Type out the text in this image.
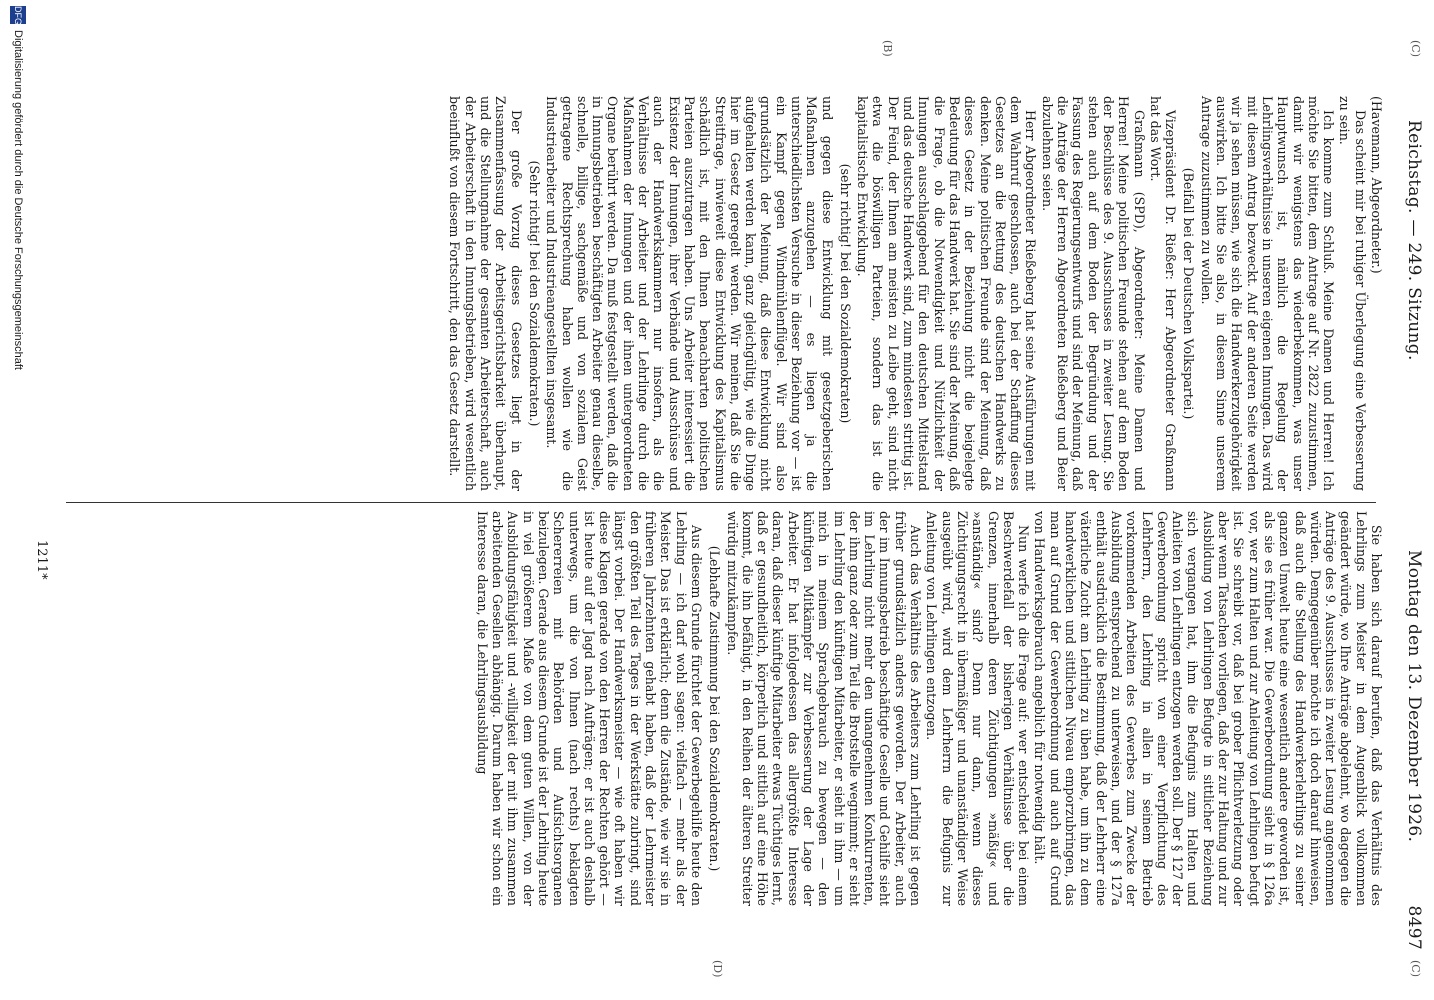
Reichstag. — 249. Sitzung.
Montag den 13. Dezember 1926.
8497
(C)
(B)
(C)
(D)

(Havemann, Abgeordneter.)

Das scheint mir bei ruhiger Überlegung eine Verbesserung zu sein.

Ich komme zum Schluß. Meine Damen und Herren! Ich möchte Sie bitten, dem Antrage auf Nr. 2822 zuzustimmen, damit wir wenigstens das wiederbekommen, was unser Hauptwunsch ist, nämlich die Regelung der Lehrlingsverhältnisse in unseren eigenen Innungen. Das wird mit diesem Antrag bezweckt. Auf der anderen Seite werden wir ja sehen müssen, wie sich die Handwerkerzugehörigkeit auswirken. Ich bitte Sie also, in diesem Sinne unserem Antrage zuzustimmen zu wollen.

(Beifall bei der Deutschen Volkspartei.)

Vizepräsident Dr. Rießer: Herr Abgeordneter Graßmann hat das Wort.

Graßmann (SPD), Abgeordneter: Meine Damen und Herren! Meine politischen Freunde stehen auf dem Boden der Beschlüsse des 9. Ausschusses in zweiter Lesung. Sie stehen auch auf dem Boden der Begründung und der Fassung des Regierungsentwurfs und sind der Meinung, daß die Anträge der Herren Abgeordneten Rießeberg und Beier abzulehnen seien.

Herr Abgeordneter Rießeberg hat seine Ausführungen mit dem Wahnruf geschlossen, auch bei der Schaffung dieses Gesetzes an die Rettung des deutschen Handwerks zu denken. Meine politischen Freunde sind der Meinung, daß dieses Gesetz in der Beziehung nicht die beigelegte Bedeutung für das Handwerk hat. Sie sind der Meinung, daß die Frage, ob die Notwendigkeit und Nützlichkeit der Innungen ausschlaggebend für den deutschen Mittelstand und das deutsche Handwerk sind, zum mindesten strittig ist. Der Feind, der Ihnen am meisten zu Leibe geht, sind nicht etwa die böswilligen Parteien, sondern das ist die kapitalistische Entwicklung.

(sehr richtig! bei den Sozialdemokraten)

und gegen diese Entwicklung mit gesetzgeberischen Maßnahmen anzugehen — es liegen ja die unterschiedlichsten Versuche in dieser Beziehung vor — ist ein Kampf gegen Windmühlenflügel. Wir sind also grundsätzlich der Meinung, daß diese Entwicklung nicht aufgehalten werden kann, ganz gleichgültig, wie die Dinge hier im Gesetz geregelt werden. Wir meinen, daß Sie die Streitfrage, inwieweit diese Entwicklung des Kapitalismus schädlich ist, mit den Ihnen benachbarten politischen Parteien auszutragen haben. Uns Arbeiter interessiert die Existenz der Innungen, ihrer Verbände und Ausschüsse und auch der Handwerkskammern nur insofern, als die Verhältnisse der Arbeiter und der Lehrlinge durch die Maßnahmen der Innungen und der ihnen untergeordneten Organe berührt werden. Da muß festgestellt werden, daß die in Innungsbetrieben beschäftigten Arbeiter genau dieselbe, schnelle, billige, sachgemäße und von sozialem Geist getragene Rechtsprechung haben wollen wie die Industriearbeiter und Industrieangestellten insgesamt.

(Sehr richtig! bei den Sozialdemokraten.)

Der große Vorzug dieses Gesetzes liegt in der Zusammenfassung der Arbeitsgerichtsbarkeit überhaupt, und die Stellungnahme der gesamten Arbeiterschaft, auch der Arbeiterschaft in den Innungsbetrieben, wird wesentlich beeinflußt von diesem Fortschritt, den das Gesetz darstellt.

Sie haben sich darauf berufen, daß das Verhältnis des Lehrlings zum Meister in dem Augenblick vollkommen geändert würde, wo Ihre Anträge abgelehnt, wo dagegen die Anträge des 9. Ausschusses in zweiter Lesung angenommen würden. Demgegenüber möchte ich doch darauf hinweisen, daß auch die Stellung des Handwerkerlehrlings zu seiner ganzen Umwelt heute eine wesentlich andere geworden ist, als sie es früher war. Die Gewerbeordnung sieht in § 126a vor, wer zum Halten und zur Anleitung von Lehrlingen befugt ist. Sie schreibt vor, daß bei grober Pflichtverletzung oder aber wenn Tatsachen vorliegen, daß der zur Haltung und zur Ausbildung von Lehrlingen Befugte in sittlicher Beziehung sich vergangen hat, ihm die Befugnis zum Halten und Anleiten von Lehrlingen entzogen werden soll. Der § 127 der Gewerbeordnung spricht von einer Verpflichtung des Lehrherrn, den Lehrling in allen in seinem Betrieb vorkommenden Arbeiten des Gewerbes zum Zwecke der Ausbildung entsprechend zu unterweisen, und der § 127a enthält ausdrücklich die Bestimmung, daß der Lehrherr eine väterliche Zucht am Lehrling zu üben habe, um ihn zu dem handwerklichen und sittlichen Niveau emporzubringen, das man auf Grund der Gewerbeordnung und auch auf Grund von Handwerksgebrauch angeblich für notwendig hält.

Nun werfe ich die Frage auf: wer entscheidet bei einem Beschwerdefall der bisherigen Verhältnisse über die Grenzen, innerhalb deren Züchtigungen »mäßig« und »anständig« sind? Denn nur dann, wenn dieses Züchtigungsrecht in übermäßiger und unanständiger Weise ausgeübt wird, wird dem Lehrherrn die Befugnis zur Anleitung von Lehrlingen entzogen.

Auch das Verhältnis des Arbeiters zum Lehrling ist gegen früher grundsätzlich anders geworden. Der Arbeiter, auch der im Innungsbetrieb beschäftigte Geselle und Gehilfe sieht im Lehrling nicht mehr den unangenehmen Konkurrenten, der ihm ganz oder zum Teil die Brotstelle wegnimmt; er sieht im Lehrling den künftigen Mitarbeiter, er sieht in ihm — um mich in meinem Sprachgebrauch zu bewegen — den künftigen Mitkämpfer zur Verbesserung der Lage der Arbeiter. Er hat infolgedessen das allergrößte Interesse daran, daß dieser künftige Mitarbeiter etwas Tüchtiges lernt, daß er gesundheitlich, körperlich und sittlich auf eine Höhe kommt, die ihn befähigt, in den Reihen der älteren Streiter würdig mitzukämpfen.

(Lebhafte Zustimmung bei den Sozialdemokraten.)

Aus diesem Grunde fürchtet der Gewerbegehilfe heute den Lehrling — ich darf wohl sagen: vielfach — mehr als der Meister. Das ist erklärlich; denn die Zustände, wie wir sie in früheren Jahrzehnten gehabt haben, daß der Lehrmeister den größten Teil des Tages in der Werkstätte zubringt, sind längst vorbei. Der Handwerksmeister — wie oft haben wir diese Klagen gerade von den Herren der Rechten gehört — ist heute auf der Jagd nach Aufträgen; er ist auch deshalb unterwegs, um die von Ihnen (nach rechts) beklagten Schererreien mit Behörden und Aufsichtsorganen beizulegen. Gerade aus diesem Grunde ist der Lehrling heute in viel größerem Maße von dem guten Willen, von der Ausbildungsfähigkeit und -willigkeit der mit ihm zusammen arbeitenden Gesellen abhängig. Darum haben wir schon ein Interesse daran, die Lehrlingsausbildung

1211*
DFG
Digitalisierung gefördert durch die Deutsche Forschungsgemeinschaft
